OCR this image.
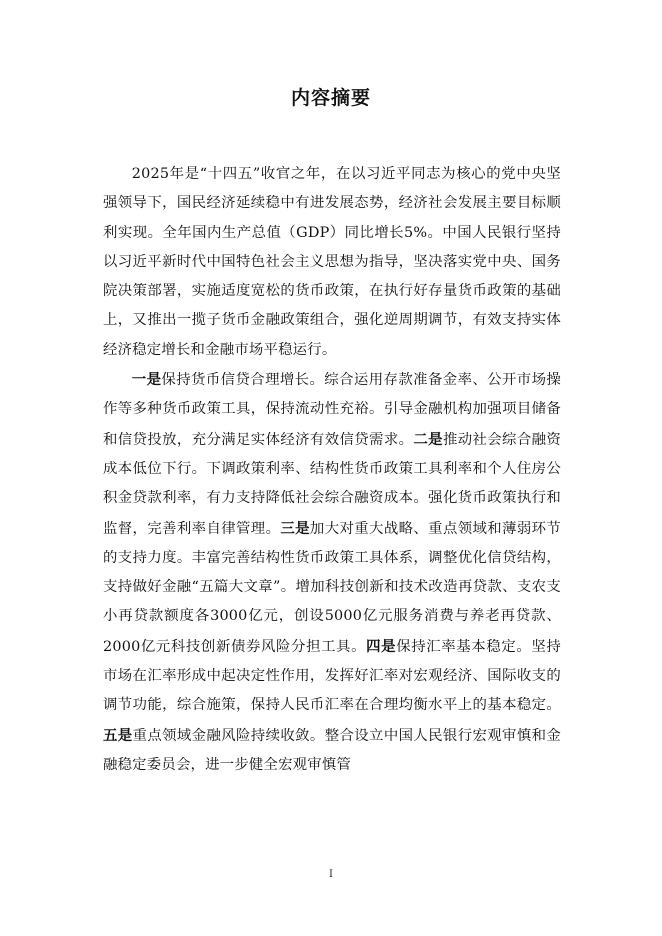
内容摘要

2025年是“十四五”收官之年，在以习近平同志为核心的党中央坚强领导下，国民经济延续稳中有进发展态势，经济社会发展主要目标顺利实现。全年国内生产总值（GDP）同比增长5%。中国人民银行坚持以习近平新时代中国特色社会主义思想为指导，坚决落实党中央、国务院决策部署，实施适度宽松的货币政策，在执行好存量货币政策的基础上，又推出一揽子货币金融政策组合，强化逆周期调节，有效支持实体经济稳定增长和金融市场平稳运行。

一是保持货币信贷合理增长。综合运用存款准备金率、公开市场操作等多种货币政策工具，保持流动性充裕。引导金融机构加强项目储备和信贷投放，充分满足实体经济有效信贷需求。二是推动社会综合融资成本低位下行。下调政策利率、结构性货币政策工具利率和个人住房公积金贷款利率，有力支持降低社会综合融资成本。强化货币政策执行和监督，完善利率自律管理。三是加大对重大战略、重点领域和薄弱环节的支持力度。丰富完善结构性货币政策工具体系，调整优化信贷结构，支持做好金融“五篇大文章”。增加科技创新和技术改造再贷款、支农支小再贷款额度各3000亿元，创设5000亿元服务消费与养老再贷款、2000亿元科技创新债券风险分担工具。四是保持汇率基本稳定。坚持市场在汇率形成中起决定性作用，发挥好汇率对宏观经济、国际收支的调节功能，综合施策，保持人民币汇率在合理均衡水平上的基本稳定。五是重点领域金融风险持续收敛。整合设立中国人民银行宏观审慎和金融稳定委员会，进一步健全宏观审慎管

I
